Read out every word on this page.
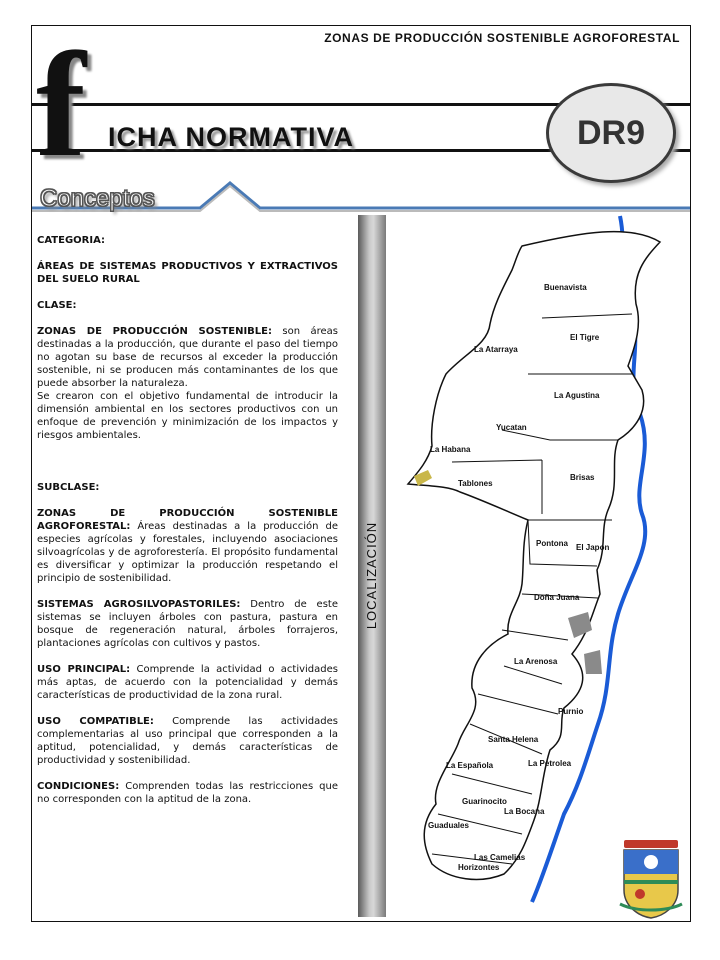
ZONAS DE PRODUCCIÓN SOSTENIBLE AGROFORESTAL
f ICHA NORMATIVA	DR9
Conceptos

CATEGORIA:

ÁREAS DE SISTEMAS PRODUCTIVOS Y EXTRACTIVOS DEL SUELO RURAL

CLASE:

ZONAS DE PRODUCCIÓN SOSTENIBLE: son áreas destinadas a la producción, que durante el paso del tiempo no agotan su base de recursos al exceder la producción sostenible, ni se producen más contaminantes de los que puede absorber la naturaleza.

Se crearon con el objetivo fundamental de introducir la dimensión ambiental en los sectores productivos con un enfoque de prevención y minimización de los impactos y riesgos ambientales.

SUBCLASE:

ZONAS DE PRODUCCIÓN SOSTENIBLE AGROFORESTAL: Áreas destinadas a la producción de especies agrícolas y forestales, incluyendo asociaciones silvoagrícolas y de agroforestería. El propósito fundamental es diversificar y optimizar la producción respetando el principio de sostenibilidad.

SISTEMAS AGROSILVOPASTORILES: Dentro de este sistemas se incluyen árboles con pastura, pastura en bosque de regeneración natural, árboles forrajeros, plantaciones agrícolas con cultivos y pastos.

USO PRINCIPAL: Comprende la actividad o actividades más aptas, de acuerdo con la potencialidad y demás características de productividad de la zona rural.

USO COMPATIBLE: Comprende las actividades complementarias al uso principal que corresponden a la aptitud, potencialidad, y demás características de productividad y sostenibilidad.

CONDICIONES: Comprenden todas las restricciones que no corresponden con la aptitud de la zona.

LOCALIZACIÓN
Buenavista
El Tigre
La Atarraya
La Agustina
Yucatan
La Habana
Brisas
Tablones
Pontona El Japon
Doña Juana
La Arenosa
Purnio
Santa Helena
La Española	La Petrolea
Guarinocito
La Bocana
Guaduales
Las Camelias
Horizontes
